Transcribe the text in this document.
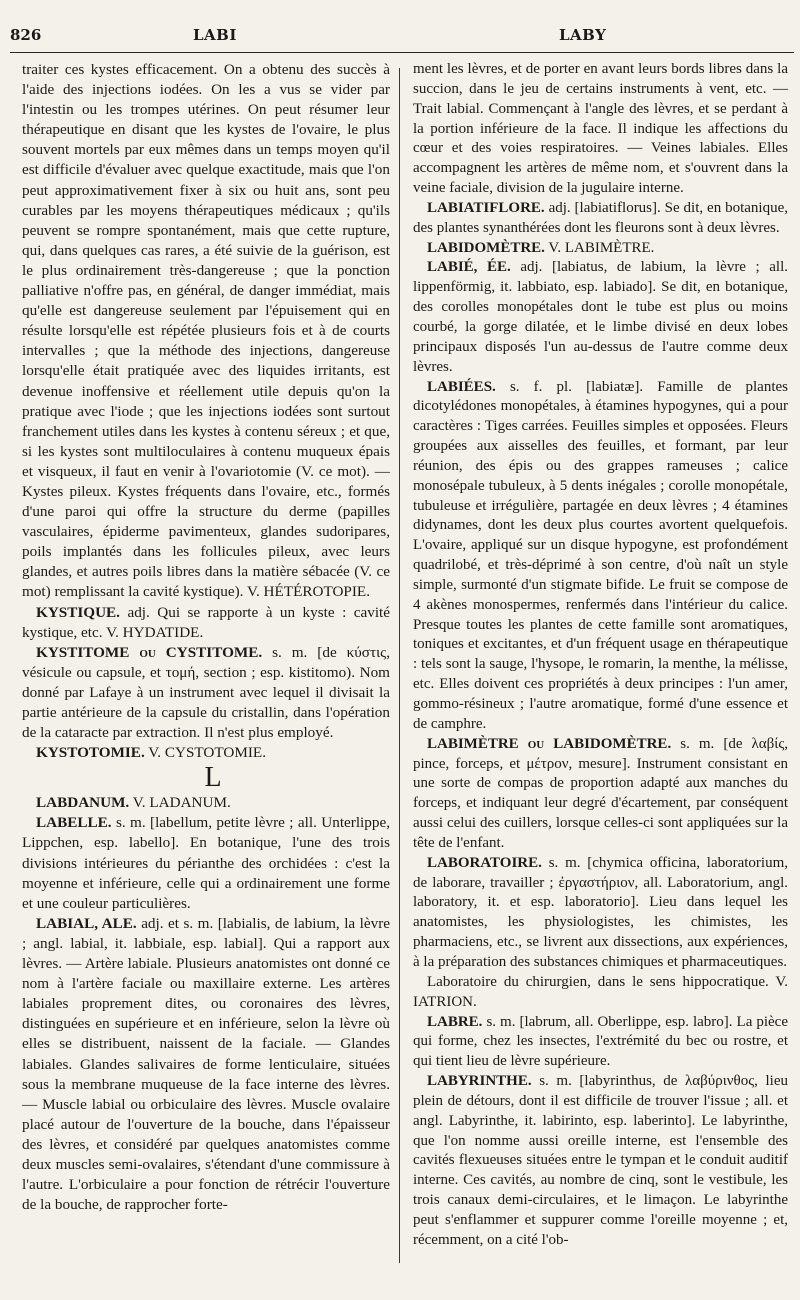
826	LABI	LABY

traiter ces kystes efficacement. On a obtenu des succès à l'aide des injections iodées. On les a vus se vider par l'intestin ou les trompes utérines. On peut résumer leur thérapeutique en disant que les kystes de l'ovaire, le plus souvent mortels par eux mêmes dans un temps moyen qu'il est difficile d'évaluer avec quelque exactitude, mais que l'on peut approximativement fixer à six ou huit ans, sont peu curables par les moyens thérapeutiques médicaux ; qu'ils peuvent se rompre spontanément, mais que cette rupture, qui, dans quelques cas rares, a été suivie de la guérison, est le plus ordinairement très-dangereuse ; que la ponction palliative n'offre pas, en général, de danger immédiat, mais qu'elle est dangereuse seulement par l'épuisement qui en résulte lorsqu'elle est répétée plusieurs fois et à de courts intervalles ; que la méthode des injections, dangereuse lorsqu'elle était pratiquée avec des liquides irritants, est devenue inoffensive et réellement utile depuis qu'on la pratique avec l'iode ; que les injections iodées sont surtout franchement utiles dans les kystes à contenu séreux ; et que, si les kystes sont multiloculaires à contenu muqueux épais et visqueux, il faut en venir à l'ovariotomie (V. ce mot). — Kystes pileux. Kystes fréquents dans l'ovaire, etc., formés d'une paroi qui offre la structure du derme (papilles vasculaires, épiderme pavimenteux, glandes sudoripares, poils implantés dans les follicules pileux, avec leurs glandes, et autres poils libres dans la matière sébacée (V. ce mot) remplissant la cavité kystique). V. HÉTÉROTOPIE.

KYSTIQUE. adj. Qui se rapporte à un kyste : cavité kystique, etc. V. HYDATIDE.

KYSTITOME ou CYSTITOME. s. m. [de κύστις, vésicule ou capsule, et τομή, section ; esp. kistitomo). Nom donné par Lafaye à un instrument avec lequel il divisait la partie antérieure de la capsule du cristallin, dans l'opération de la cataracte par extraction. Il n'est plus employé.

KYSTOTOMIE. V. CYSTOTOMIE.

L

LABDANUM. V. LADANUM.

LABELLE. s. m. [labellum, petite lèvre ; all. Unterlippe, Lippchen, esp. labello]. En botanique, l'une des trois divisions intérieures du périanthe des orchidées : c'est la moyenne et inférieure, celle qui a ordinairement une forme et une couleur particulières.

LABIAL, ALE. adj. et s. m. [labialis, de labium, la lèvre ; angl. labial, it. labbiale, esp. labial]. Qui a rapport aux lèvres. — Artère labiale. Plusieurs anatomistes ont donné ce nom à l'artère faciale ou maxillaire externe. Les artères labiales proprement dites, ou coronaires des lèvres, distinguées en supérieure et en inférieure, selon la lèvre où elles se distribuent, naissent de la faciale. — Glandes labiales. Glandes salivaires de forme lenticulaire, situées sous la membrane muqueuse de la face interne des lèvres. — Muscle labial ou orbiculaire des lèvres. Muscle ovalaire placé autour de l'ouverture de la bouche, dans l'épaisseur des lèvres, et considéré par quelques anatomistes comme deux muscles semi-ovalaires, s'étendant d'une commissure à l'autre. L'orbiculaire a pour fonction de rétrécir l'ouverture de la bouche, de rapprocher forte-

ment les lèvres, et de porter en avant leurs bords libres dans la succion, dans le jeu de certains instruments à vent, etc. — Trait labial. Commençant à l'angle des lèvres, et se perdant à la portion inférieure de la face. Il indique les affections du cœur et des voies respiratoires. — Veines labiales. Elles accompagnent les artères de même nom, et s'ouvrent dans la veine faciale, division de la jugulaire interne.

LABIATIFLORE. adj. [labiatiflorus]. Se dit, en botanique, des plantes synanthérées dont les fleurons sont à deux lèvres.

LABIDOMÈTRE. V. LABIMÈTRE.

LABIÉ, ÉE. adj. [labiatus, de labium, la lèvre ; all. lippenförmig, it. labbiato, esp. labiado]. Se dit, en botanique, des corolles monopétales dont le tube est plus ou moins courbé, la gorge dilatée, et le limbe divisé en deux lobes principaux disposés l'un au-dessus de l'autre comme deux lèvres.

LABIÉES. s. f. pl. [labiatæ]. Famille de plantes dicotylédones monopétales, à étamines hypogynes, qui a pour caractères : Tiges carrées. Feuilles simples et opposées. Fleurs groupées aux aisselles des feuilles, et formant, par leur réunion, des épis ou des grappes rameuses ; calice monosépale tubuleux, à 5 dents inégales ; corolle monopétale, tubuleuse et irrégulière, partagée en deux lèvres ; 4 étamines didynames, dont les deux plus courtes avortent quelquefois. L'ovaire, appliqué sur un disque hypogyne, est profondément quadrilobé, et très-déprimé à son centre, d'où naît un style simple, surmonté d'un stigmate bifide. Le fruit se compose de 4 akènes monospermes, renfermés dans l'intérieur du calice. Presque toutes les plantes de cette famille sont aromatiques, toniques et excitantes, et d'un fréquent usage en thérapeutique : tels sont la sauge, l'hysope, le romarin, la menthe, la mélisse, etc. Elles doivent ces propriétés à deux principes : l'un amer, gommo-résineux ; l'autre aromatique, formé d'une essence et de camphre.

LABIMÈTRE ou LABIDOMÈTRE. s. m. [de λαβίς, pince, forceps, et μέτρον, mesure]. Instrument consistant en une sorte de compas de proportion adapté aux manches du forceps, et indiquant leur degré d'écartement, par conséquent aussi celui des cuillers, lorsque celles-ci sont appliquées sur la tête de l'enfant.

LABORATOIRE. s. m. [chymica officina, laboratorium, de laborare, travailler ; ἐργαστήριον, all. Laboratorium, angl. laboratory, it. et esp. laboratorio]. Lieu dans lequel les anatomistes, les physiologistes, les chimistes, les pharmaciens, etc., se livrent aux dissections, aux expériences, à la préparation des substances chimiques et pharmaceutiques.

Laboratoire du chirurgien, dans le sens hippocratique. V. IATRION.

LABRE. s. m. [labrum, all. Oberlippe, esp. labro]. La pièce qui forme, chez les insectes, l'extrémité du bec ou rostre, et qui tient lieu de lèvre supérieure.

LABYRINTHE. s. m. [labyrinthus, de λαβύρινθος, lieu plein de détours, dont il est difficile de trouver l'issue ; all. et angl. Labyrinthe, it. labirinto, esp. laberinto]. Le labyrinthe, que l'on nomme aussi oreille interne, est l'ensemble des cavités flexueuses situées entre le tympan et le conduit auditif interne. Ces cavités, au nombre de cinq, sont le vestibule, les trois canaux demi-circulaires, et le limaçon. Le labyrinthe peut s'enflammer et suppurer comme l'oreille moyenne ; et, récemment, on a cité l'ob-
